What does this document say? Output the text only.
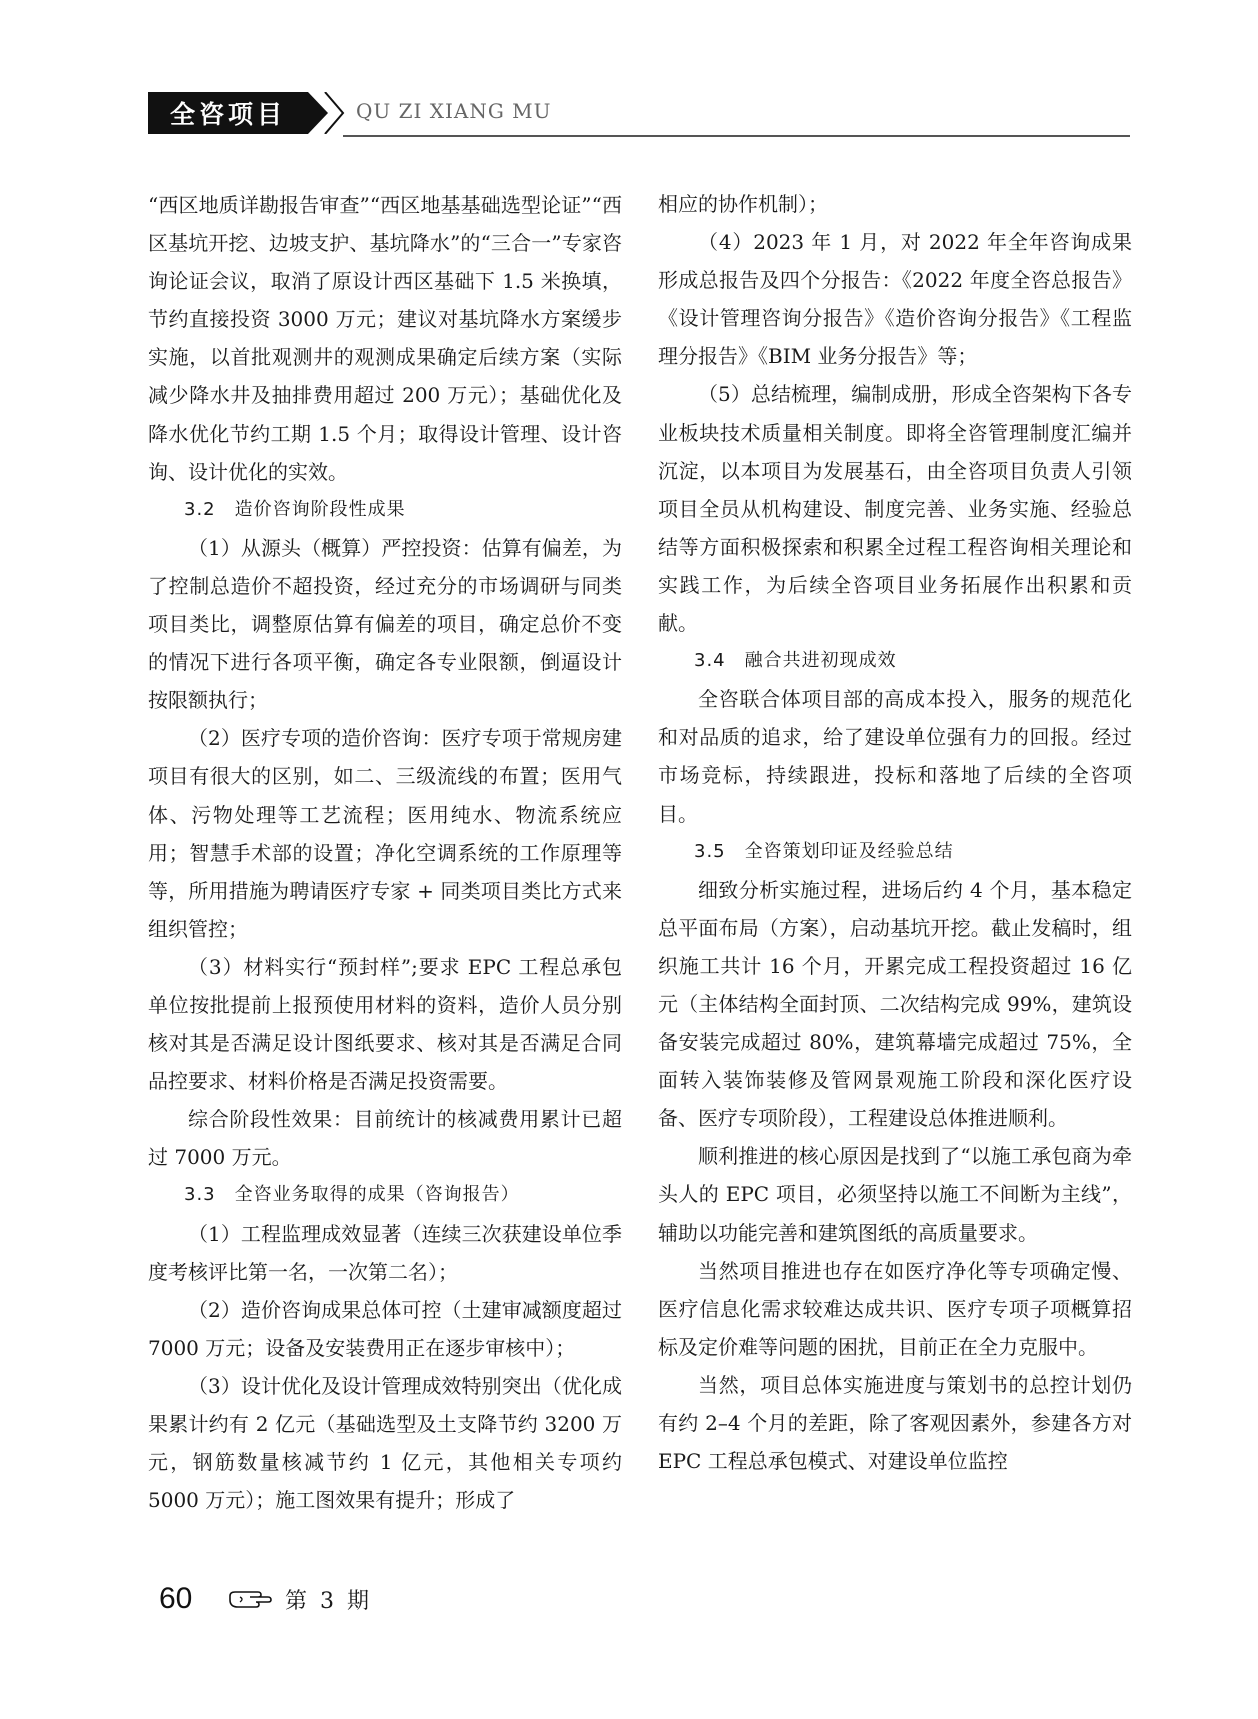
全咨项目	QU ZI XIANG MU

“西区地质详勘报告审查”“西区地基基础选型论证”“西区基坑开挖、边坡支护、基坑降水”的“三合一”专家咨询论证会议，取消了原设计西区基础下 1.5 米换填，节约直接投资 3000 万元；建议对基坑降水方案缓步实施，以首批观测井的观测成果确定后续方案（实际减少降水井及抽排费用超过 200 万元）；基础优化及降水优化节约工期 1.5 个月；取得设计管理、设计咨询、设计优化的实效。

3.2　造价咨询阶段性成果

（1）从源头（概算）严控投资：估算有偏差，为了控制总造价不超投资，经过充分的市场调研与同类项目类比，调整原估算有偏差的项目，确定总价不变的情况下进行各项平衡，确定各专业限额，倒逼设计按限额执行；

（2）医疗专项的造价咨询：医疗专项于常规房建项目有很大的区别，如二、三级流线的布置；医用气体、污物处理等工艺流程；医用纯水、物流系统应用；智慧手术部的设置；净化空调系统的工作原理等等，所用措施为聘请医疗专家 + 同类项目类比方式来组织管控；

（3）材料实行“预封样”;要求 EPC 工程总承包单位按批提前上报预使用材料的资料，造价人员分别核对其是否满足设计图纸要求、核对其是否满足合同品控要求、材料价格是否满足投资需要。

综合阶段性效果：目前统计的核减费用累计已超过 7000 万元。

3.3　全咨业务取得的成果（咨询报告）

（1）工程监理成效显著（连续三次获建设单位季度考核评比第一名，一次第二名）；

（2）造价咨询成果总体可控（土建审减额度超过 7000 万元；设备及安装费用正在逐步审核中）；

（3）设计优化及设计管理成效特别突出（优化成果累计约有 2 亿元（基础选型及土支降节约 3200 万元，钢筋数量核减节约 1 亿元，其他相关专项约 5000 万元）；施工图效果有提升；形成了

相应的协作机制）；

（4）2023 年 1 月，对 2022 年全年咨询成果形成总报告及四个分报告：《2022 年度全咨总报告》《设计管理咨询分报告》《造价咨询分报告》《工程监理分报告》《BIM 业务分报告》等；

（5）总结梳理，编制成册，形成全咨架构下各专业板块技术质量相关制度。即将全咨管理制度汇编并沉淀，以本项目为发展基石，由全咨项目负责人引领项目全员从机构建设、制度完善、业务实施、经验总结等方面积极探索和积累全过程工程咨询相关理论和实践工作，为后续全咨项目业务拓展作出积累和贡献。

3.4　融合共进初现成效

全咨联合体项目部的高成本投入，服务的规范化和对品质的追求，给了建设单位强有力的回报。经过市场竞标，持续跟进，投标和落地了后续的全咨项目。

3.5　全咨策划印证及经验总结

细致分析实施过程，进场后约 4 个月，基本稳定总平面布局（方案），启动基坑开挖。截止发稿时，组织施工共计 16 个月，开累完成工程投资超过 16 亿元（主体结构全面封顶、二次结构完成 99%，建筑设备安装完成超过 80%，建筑幕墙完成超过 75%，全面转入装饰装修及管网景观施工阶段和深化医疗设备、医疗专项阶段），工程建设总体推进顺利。

顺利推进的核心原因是找到了“以施工承包商为牵头人的 EPC 项目，必须坚持以施工不间断为主线”，辅助以功能完善和建筑图纸的高质量要求。

当然项目推进也存在如医疗净化等专项确定慢、医疗信息化需求较难达成共识、医疗专项子项概算招标及定价难等问题的困扰，目前正在全力克服中。

当然，项目总体实施进度与策划书的总控计划仍有约 2–4 个月的差距，除了客观因素外，参建各方对 EPC 工程总承包模式、对建设单位监控

60	第 3 期
